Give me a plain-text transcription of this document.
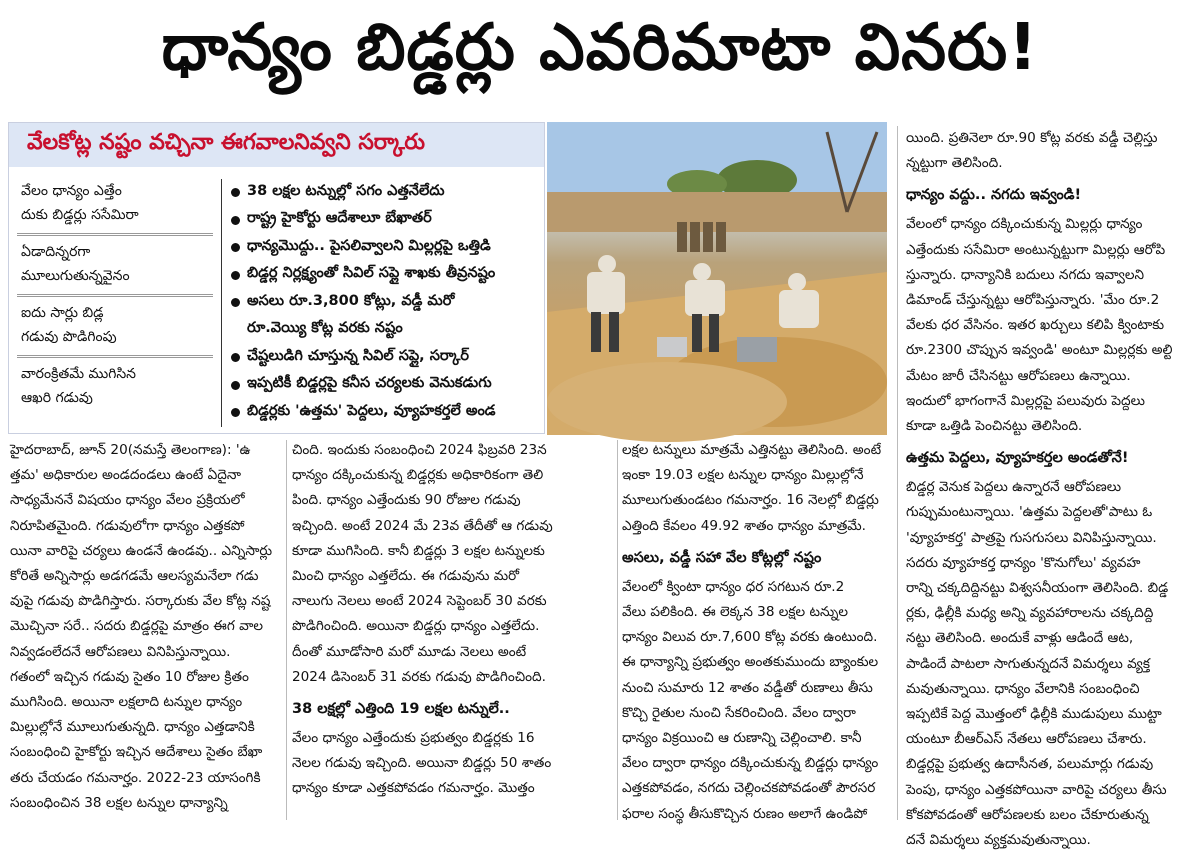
ధాన్యం బిడ్డర్లు ఎవరిమాటా వినరు!
వేలకోట్ల నష్టం వచ్చినా ఈగవాలనివ్వని సర్కారు
వేలం ధాన్యం ఎత్తేం
దుకు బిడ్డర్లు ససేమిరా
ఏడాదిన్నరగా
మూలుగుతున్నవైనం
ఐదు సార్లు బిడ్ల
గడువు పొడిగింపు
వారంక్రితమే ముగిసిన
ఆఖరి గడువు
38 లక్షల టన్నుల్లో సగం ఎత్తనేలేదు
రాష్ట్ర హైకోర్టు ఆదేశాలూ బేఖాతర్
ధాన్యమొద్దు.. పైసలివ్వాలని మిల్లర్లపై ఒత్తిడి
బిడ్డర్ల నిర్లక్ష్యంతో సివిల్ సప్లై శాఖకు తీవ్రనష్టం
అసలు రూ.3,800 కోట్లు, వడ్డీ మరో
రూ.వెయ్యి కోట్ల వరకు నష్టం
చేష్టలుడిగి చూస్తున్న సివిల్ సప్లై, సర్కార్
ఇప్పటికీ బిడ్డర్లపై కనీస చర్యలకు వెనుకడుగు
బిడ్డర్లకు 'ఉత్తమ' పెద్దలు, వ్యూహకర్తలే అండ
హైదరాబాద్‌, జూన్ 20(నమస్తే తెలంగాణ): 'ఉ
త్తమ' అధికారుల అండదండలు ఉంటే ఏదైనా
సాధ్యమేననే విషయం ధాన్యం వేలం ప్రక్రియలో
నిరూపితమైంది. గడువులోగా ధాన్యం ఎత్తకపో
యినా వారిపై చర్యలు ఉండనే ఉండవు.. ఎన్నిసార్లు
కోరితే అన్నిసార్లు అడగడమే ఆలస్యమనేలా గడు
వుపై గడువు పొడిగిస్తారు. సర్కారుకు వేల కోట్ల నష్ట
మొచ్చినా సరే.. సదరు బిడ్డర్లపై మాత్రం ఈగ వాల
నివ్వడంలేదనే ఆరోపణలు వినిపిస్తున్నాయి.
గతంలో ఇచ్చిన గడువు సైతం 10 రోజుల క్రితం
ముగిసింది. అయినా లక్షలాది టన్నుల ధాన్యం
మిల్లుల్లోనే మూలుగుతున్నది. ధాన్యం ఎత్తడానికి
సంబంధించి హైకోర్టు ఇచ్చిన ఆదేశాలు సైతం బేఖా
తరు చేయడం గమనార్హం. 2022-23 యాసంగికి
సంబంధించిన 38 లక్షల టన్నుల ధాన్యాన్ని
చింది. ఇందుకు సంబంధించి 2024 ఫిబ్రవరి 23న
ధాన్యం దక్కించుకున్న బిడ్డర్లకు అధికారికంగా తెలి
పింది. ధాన్యం ఎత్తేందుకు 90 రోజుల గడువు
ఇచ్చింది. అంటే 2024 మే 23వ తేదీతో ఆ గడువు
కూడా ముగిసింది. కానీ బిడ్డర్లు 3 లక్షల టన్నులకు
మించి ధాన్యం ఎత్తలేదు. ఈ గడువును మరో
నాలుగు నెలలు అంటే 2024 సెప్టెంబర్ 30 వరకు
పొడిగించింది. అయినా బిడ్డర్లు ధాన్యం ఎత్తలేదు.
దీంతో మూడోసారి మరో మూడు నెలలు అంటే
2024 డిసెంబర్ 31 వరకు గడువు పొడిగించింది.
38 లక్షల్లో ఎత్తింది 19 లక్షల టన్నులే..
వేలం ధాన్యం ఎత్తేందుకు ప్రభుత్వం బిడ్డర్లకు 16
నెలల గడువు ఇచ్చింది. అయినా బిడ్డర్లు 50 శాతం
ధాన్యం కూడా ఎత్తకపోవడం గమనార్హం. మొత్తం
లక్షల టన్నులు మాత్రమే ఎత్తినట్టు తెలిసింది. అంటే
ఇంకా 19.03 లక్షల టన్నుల ధాన్యం మిల్లుల్లోనే
మూలుగుతుండటం గమనార్హం. 16 నెలల్లో బిడ్డర్లు
ఎత్తింది కేవలం 49.92 శాతం ధాన్యం మాత్రమే.
అసలు, వడ్డీ సహా వేల కోట్లల్లో నష్టం
వేలంలో క్వింటా ధాన్యం ధర సగటున రూ.2
వేలు పలికింది. ఈ లెక్కన 38 లక్షల టన్నుల
ధాన్యం విలువ రూ.7,600 కోట్ల వరకు ఉంటుంది.
ఈ ధాన్యాన్ని ప్రభుత్వం అంతకుముందు బ్యాంకుల
నుంచి సుమారు 12 శాతం వడ్డీతో రుణాలు తీసు
కొచ్చి రైతుల నుంచి సేకరించింది. వేలం ద్వారా
ధాన్యం విక్రయించి ఆ రుణాన్ని చెల్లించాలి. కానీ
వేలం ద్వారా ధాన్యం దక్కించుకున్న బిడ్డర్లు ధాన్యం
ఎత్తకపోవడం, నగదు చెల్లించకపోవడంతో పౌరసర
ఫరాల సంస్థ తీసుకొచ్చిన రుణం అలాగే ఉండిపో
యింది. ప్రతినెలా రూ.90 కోట్ల వరకు వడ్డీ చెల్లిస్తు
న్నట్టుగా తెలిసింది.
ధాన్యం వద్దు.. నగదు ఇవ్వండి!
వేలంలో ధాన్యం దక్కించుకున్న మిల్లర్లు ధాన్యం
ఎత్తేందుకు ససేమిరా అంటున్నట్టుగా మిల్లర్లు ఆరోపి
స్తున్నారు. ధాన్యానికి బదులు నగదు ఇవ్వాలని
డిమాండ్ చేస్తున్నట్టు ఆరోపిస్తున్నారు. 'మేం రూ.2
వేలకు ధర వేసినం. ఇతర ఖర్చులు కలిపి క్వింటాకు
రూ.2300 చొప్పున ఇవ్వండి' అంటూ మిల్లర్లకు అల్టి
మేటం జారీ చేసినట్టు ఆరోపణలు ఉన్నాయి.
ఇందులో భాగంగానే మిల్లర్లపై పలువురు పెద్దలు
కూడా ఒత్తిడి పెంచినట్టు తెలిసింది.
ఉత్తమ పెద్దలు, వ్యూహకర్తల అండతోనే!
బిడ్డర్ల వెనుక పెద్దలు ఉన్నారనే ఆరోపణలు
గుప్పుమంటున్నాయి. 'ఉత్తమ పెద్దలతో'పాటు ఓ
'వ్యూహకర్త' పాత్రపై గుసగుసలు వినిపిస్తున్నాయి.
సదరు వ్యూహకర్త ధాన్యం 'కొనుగోలు' వ్యవహ
రాన్ని చక్కదిద్దినట్టు విశ్వసనీయంగా తెలిసింది. బిడ్డ
ర్లకు, ఢిల్లీకి మధ్య అన్ని వ్యవహారాలను చక్కదిద్ది
నట్టు తెలిసింది. అందుకే వాళ్లు ఆడిందే ఆట,
పాడిందే పాటలా సాగుతున్నదనే విమర్శలు వ్యక్త
మవుతున్నాయి. ధాన్యం వేలానికి సంబంధించి
ఇప్పటికే పెద్ద మొత్తంలో ఢిల్లీకి ముడుపులు ముట్టా
యంటూ బీఆర్‌ఎస్ నేతలు ఆరోపణలు చేశారు.
బిడ్డర్లపై ప్రభుత్వ ఉదాసీనత, పలుమార్లు గడువు
పెంపు, ధాన్యం ఎత్తకపోయినా వారిపై చర్యలు తీసు
కోకపోవడంతో ఆరోపణలకు బలం చేకూరుతున్న
దనే విమర్శలు వ్యక్తమవుతున్నాయి.
